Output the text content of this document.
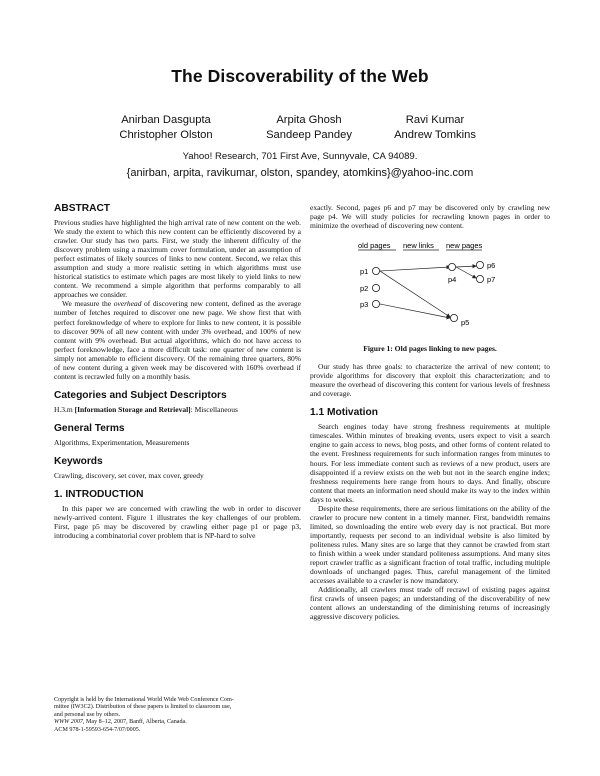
The Discoverability of the Web
Anirban Dasgupta
Christopher Olston
Arpita Ghosh
Sandeep Pandey
Ravi Kumar
Andrew Tomkins
Yahoo! Research, 701 First Ave, Sunnyvale, CA 94089.
{anirban, arpita, ravikumar, olston, spandey, atomkins}@yahoo-inc.com
ABSTRACT

Previous studies have highlighted the high arrival rate of new content on the web. We study the extent to which this new content can be efficiently discovered by a crawler. Our study has two parts. First, we study the inherent difficulty of the discovery problem using a maximum cover formulation, under an assumption of perfect estimates of likely sources of links to new content. Second, we relax this assumption and study a more realistic setting in which algorithms must use historical statistics to estimate which pages are most likely to yield links to new content. We recommend a simple algorithm that performs comparably to all approaches we consider.

We measure the overhead of discovering new content, defined as the average number of fetches required to discover one new page. We show first that with perfect foreknowledge of where to explore for links to new content, it is possible to discover 90% of all new content with under 3% overhead, and 100% of new content with 9% overhead. But actual algorithms, which do not have access to perfect foreknowledge, face a more difficult task: one quarter of new content is simply not amenable to efficient discovery. Of the remaining three quarters, 80% of new content during a given week may be discovered with 160% overhead if content is recrawled fully on a monthly basis.

Categories and Subject Descriptors

H.3.m [Information Storage and Retrieval]: Miscellaneous

General Terms

Algorithms, Experimentation, Measurements

Keywords

Crawling, discovery, set cover, max cover, greedy

1. INTRODUCTION

In this paper we are concerned with crawling the web in order to discover newly-arrived content. Figure 1 illustrates the key challenges of our problem. First, page p5 may be discovered by crawling either page p1 or page p3, introducing a combinatorial cover problem that is NP-hard to solve

Copyright is held by the International World Wide Web Conference Com-
mittee (IW3C2). Distribution of these papers is limited to classroom use,
and personal use by others.
WWW 2007, May 8–12, 2007, Banff, Alberta, Canada.
ACM 978-1-59593-654-7/07/0005.

exactly. Second, pages p6 and p7 may be discovered only by crawling new page p4. We will study policies for recrawling known pages in order to minimize the overhead of discovering new content.

old pages new links new pages
p1
p2
p3
p4
p5
p6
p7
Figure 1: Old pages linking to new pages.

Our study has three goals: to characterize the arrival of new content; to provide algorithms for discovery that exploit this characterization; and to measure the overhead of discovering this content for various levels of freshness and coverage.

1.1 Motivation

Search engines today have strong freshness requirements at multiple timescales. Within minutes of breaking events, users expect to visit a search engine to gain access to news, blog posts, and other forms of content related to the event. Freshness requirements for such information ranges from minutes to hours. For less immediate content such as reviews of a new product, users are disappointed if a review exists on the web but not in the search engine index; freshness requirements here range from hours to days. And finally, obscure content that meets an information need should make its way to the index within days to weeks.

Despite these requirements, there are serious limitations on the ability of the crawler to procure new content in a timely manner. First, bandwidth remains limited, so downloading the entire web every day is not practical. But more importantly, requests per second to an individual website is also limited by politeness rules. Many sites are so large that they cannot be crawled from start to finish within a week under standard politeness assumptions. And many sites report crawler traffic as a significant fraction of total traffic, including multiple downloads of unchanged pages. Thus, careful management of the limited accesses available to a crawler is now mandatory.

Additionally, all crawlers must trade off recrawl of existing pages against first crawls of unseen pages; an understanding of the discoverability of new content allows an understanding of the diminishing returns of increasingly aggressive discovery policies.
